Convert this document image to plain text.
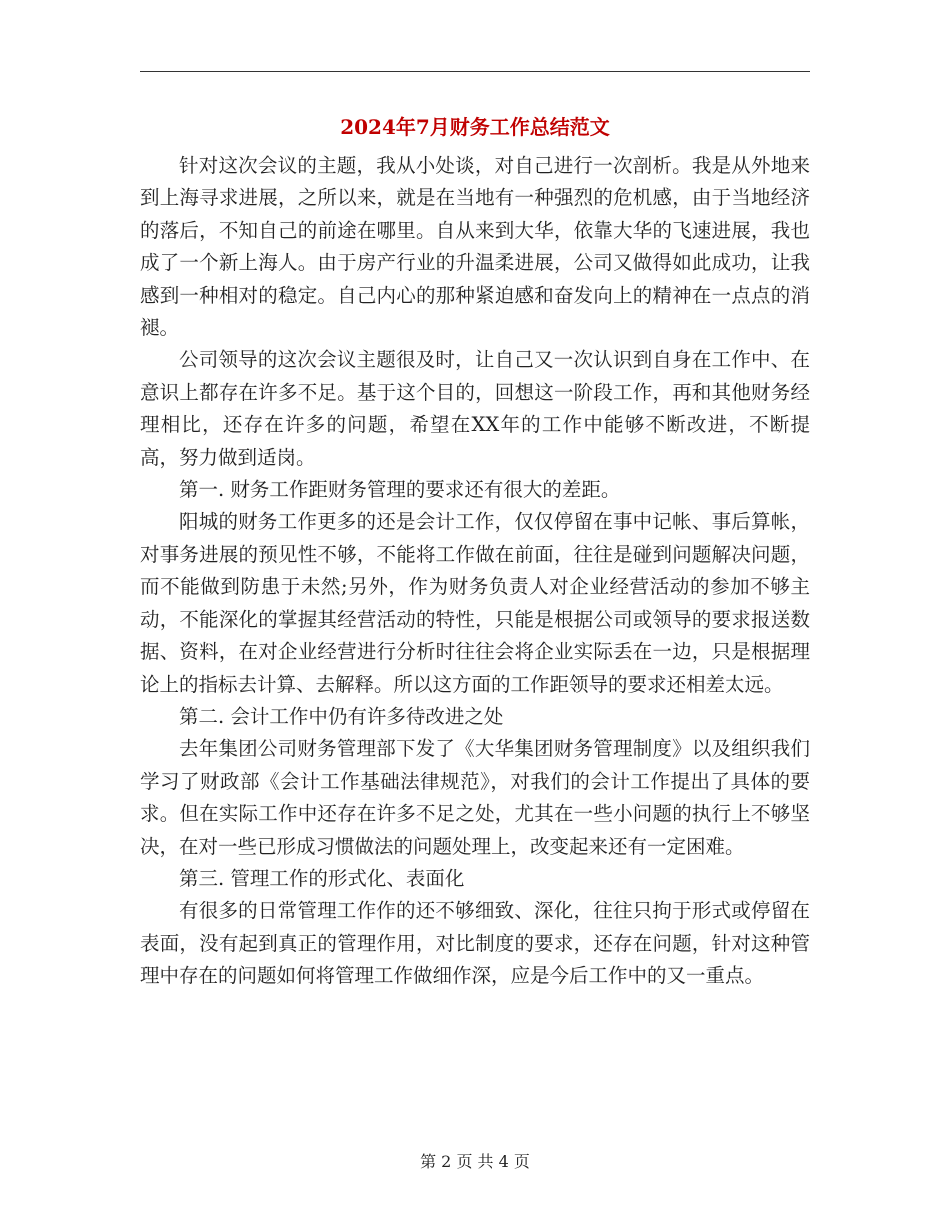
2024年7月财务工作总结范文

针对这次会议的主题，我从小处谈，对自己进行一次剖析。我是从外地来到上海寻求进展，之所以来，就是在当地有一种强烈的危机感，由于当地经济的落后，不知自己的前途在哪里。自从来到大华，依靠大华的飞速进展，我也成了一个新上海人。由于房产行业的升温柔进展，公司又做得如此成功，让我感到一种相对的稳定。自己内心的那种紧迫感和奋发向上的精神在一点点的消褪。

公司领导的这次会议主题很及时，让自己又一次认识到自身在工作中、在意识上都存在许多不足。基于这个目的，回想这一阶段工作，再和其他财务经理相比，还存在许多的问题，希望在XX年的工作中能够不断改进，不断提高，努力做到适岗。

第一. 财务工作距财务管理的要求还有很大的差距。

阳城的财务工作更多的还是会计工作，仅仅停留在事中记帐、事后算帐，对事务进展的预见性不够，不能将工作做在前面，往往是碰到问题解决问题，而不能做到防患于未然;另外，作为财务负责人对企业经营活动的参加不够主动，不能深化的掌握其经营活动的特性，只能是根据公司或领导的要求报送数据、资料，在对企业经营进行分析时往往会将企业实际丢在一边，只是根据理论上的指标去计算、去解释。所以这方面的工作距领导的要求还相差太远。

第二. 会计工作中仍有许多待改进之处

去年集团公司财务管理部下发了《大华集团财务管理制度》以及组织我们学习了财政部《会计工作基础法律规范》，对我们的会计工作提出了具体的要求。但在实际工作中还存在许多不足之处，尤其在一些小问题的执行上不够坚决，在对一些已形成习惯做法的问题处理上，改变起来还有一定困难。

第三. 管理工作的形式化、表面化

有很多的日常管理工作作的还不够细致、深化，往往只拘于形式或停留在表面，没有起到真正的管理作用，对比制度的要求，还存在问题，针对这种管理中存在的问题如何将管理工作做细作深，应是今后工作中的又一重点。

第 2 页 共 4 页
